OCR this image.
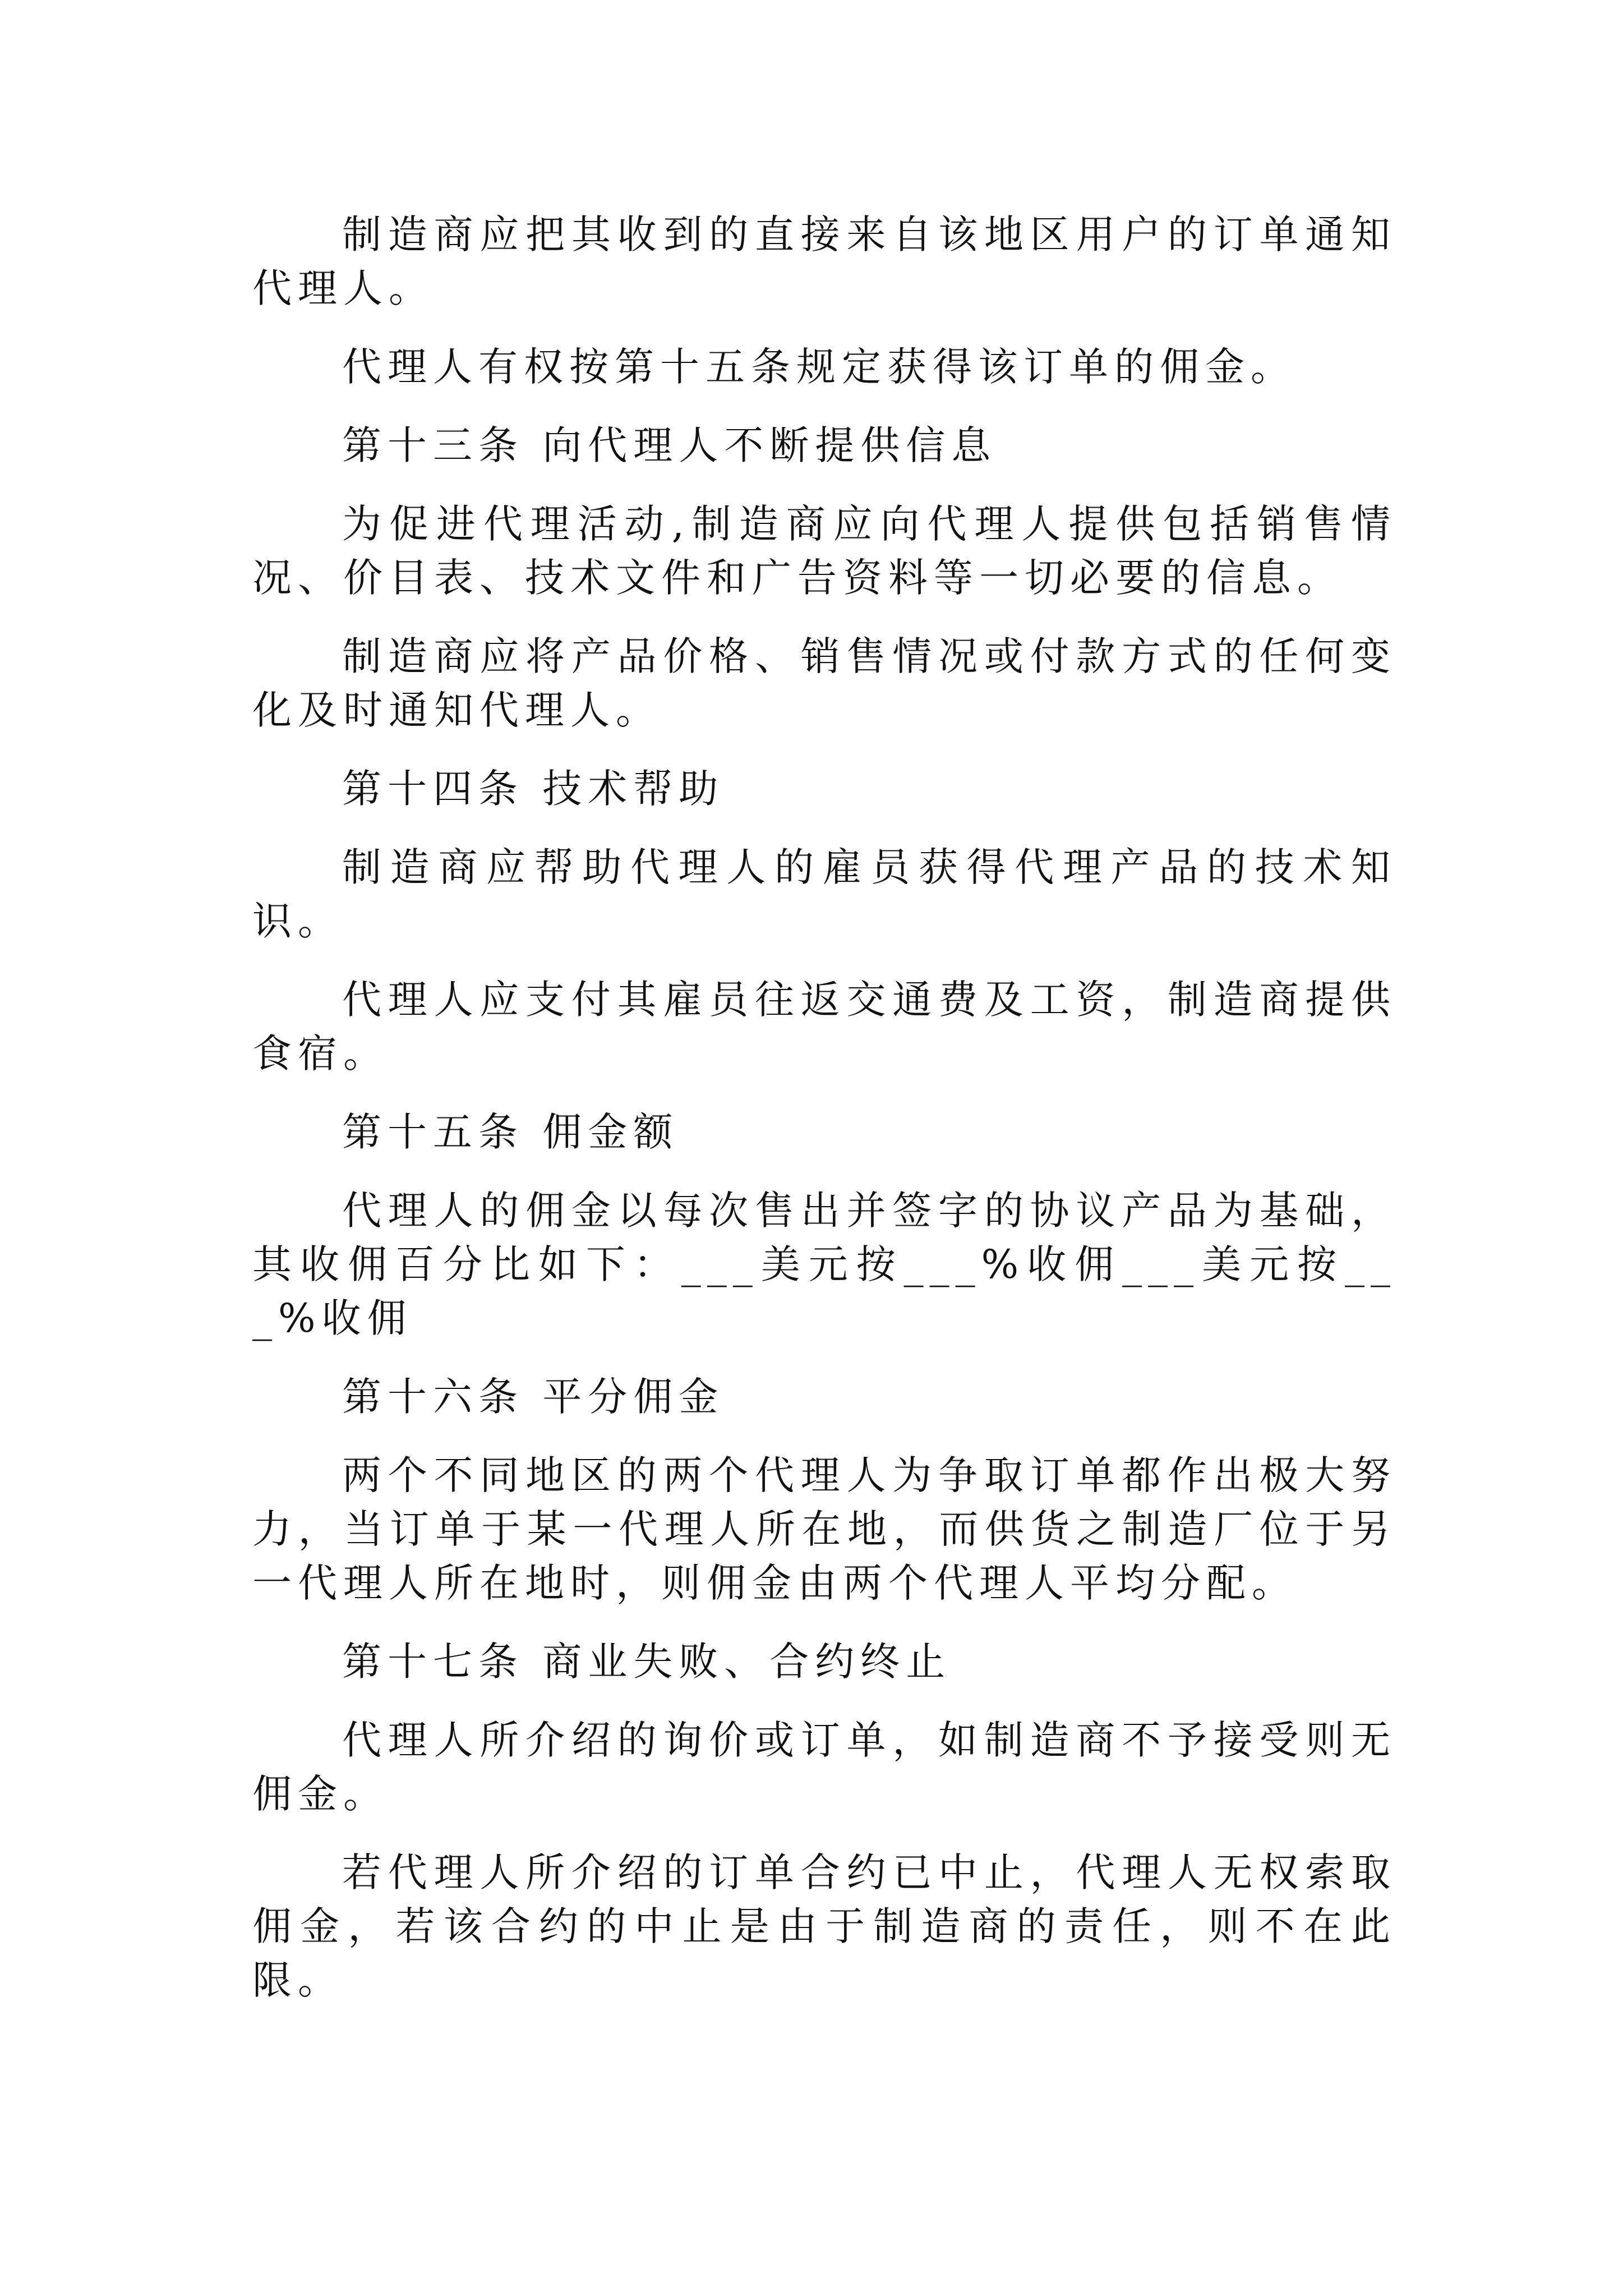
制造商应把其收到的直接来自该地区用户的订单通知代理人。

代理人有权按第十五条规定获得该订单的佣金。

第十三条 向代理人不断提供信息

为促进代理活动,制造商应向代理人提供包括销售情况、价目表、技术文件和广告资料等一切必要的信息。

制造商应将产品价格、销售情况或付款方式的任何变化及时通知代理人。

第十四条 技术帮助

制造商应帮助代理人的雇员获得代理产品的技术知识。

代理人应支付其雇员往返交通费及工资，制造商提供食宿。

第十五条 佣金额

代理人的佣金以每次售出并签字的协议产品为基础，其收佣百分比如下：___美元按___%收佣___美元按___%收佣

第十六条 平分佣金

两个不同地区的两个代理人为争取订单都作出极大努力，当订单于某一代理人所在地，而供货之制造厂位于另一代理人所在地时，则佣金由两个代理人平均分配。

第十七条 商业失败、合约终止

代理人所介绍的询价或订单，如制造商不予接受则无佣金。

若代理人所介绍的订单合约已中止，代理人无权索取佣金，若该合约的中止是由于制造商的责任，则不在此限。
